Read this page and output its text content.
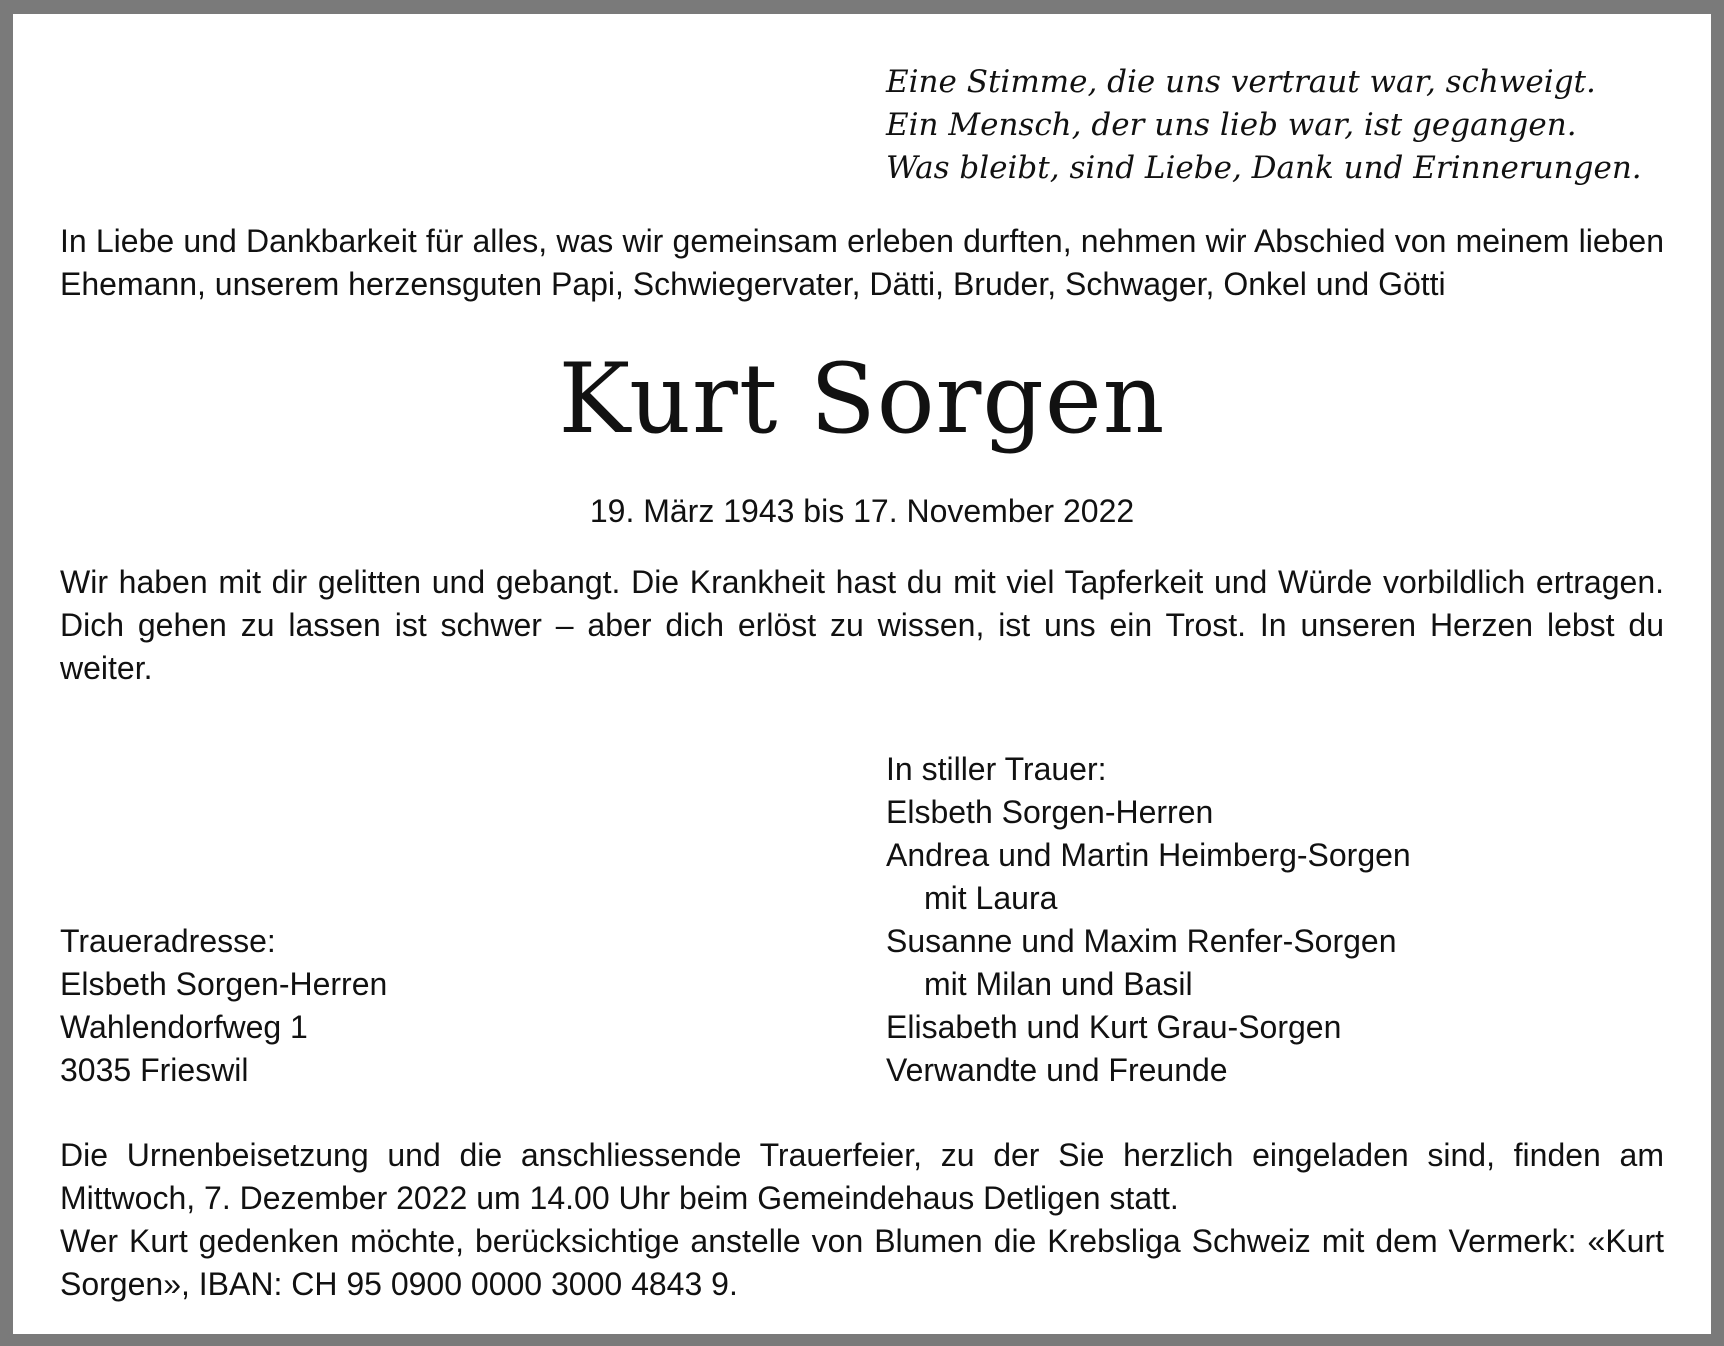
Eine Stimme, die uns vertraut war, schweigt.
Ein Mensch, der uns lieb war, ist gegangen.
Was bleibt, sind Liebe, Dank und Erinnerungen.
In Liebe und Dankbarkeit für alles, was wir gemeinsam erleben durften, nehmen wir Abschied von meinem lieben Ehemann, unserem herzensguten Papi, Schwiegervater, Dätti, Bruder, Schwager, Onkel und Götti
Kurt Sorgen
19. März 1943 bis 17. November 2022
Wir haben mit dir gelitten und gebangt. Die Krankheit hast du mit viel Tapferkeit und Würde vorbildlich ertragen. Dich gehen zu lassen ist schwer – aber dich erlöst zu wissen, ist uns ein Trost. In unseren Herzen lebst du weiter.
In stiller Trauer:
Elsbeth Sorgen-Herren
Andrea und Martin Heimberg-Sorgen
mit Laura
Susanne und Maxim Renfer-Sorgen
mit Milan und Basil
Elisabeth und Kurt Grau-Sorgen
Verwandte und Freunde
Traueradresse:
Elsbeth Sorgen-Herren
Wahlendorfweg 1
3035 Frieswil
Die Urnenbeisetzung und die anschliessende Trauerfeier, zu der Sie herzlich eingeladen sind, finden am Mittwoch, 7. Dezember 2022 um 14.00 Uhr beim Gemeindehaus Detligen statt.
Wer Kurt gedenken möchte, berücksichtige anstelle von Blumen die Krebsliga Schweiz mit dem Vermerk: «Kurt Sorgen», IBAN: CH 95 0900 0000 3000 4843 9.
